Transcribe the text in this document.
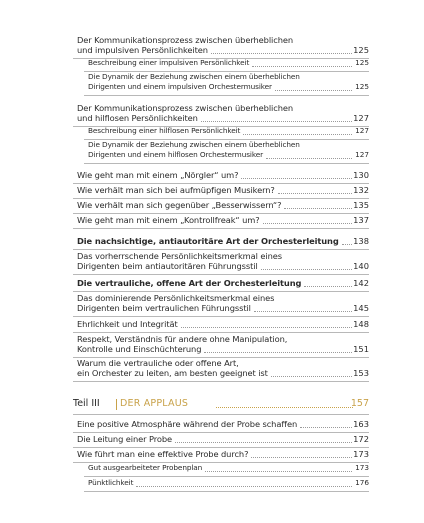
Der Kommunikationsprozess zwischen überheblichen
und impulsiven Persönlichkeiten	125
Beschreibung einer impulsiven Persönlichkeit	125
Die Dynamik der Beziehung zwischen einem überheblichen
Dirigenten und einem impulsiven Orchestermusiker	125
Der Kommunikationsprozess zwischen überheblichen
und hilflosen Persönlichkeiten	127
Beschreibung einer hilflosen Persönlichkeit	127
Die Dynamik der Beziehung zwischen einem überheblichen
Dirigenten und einem hilflosen Orchestermusiker	127
Wie geht man mit einem „Nörgler“ um?	130
Wie verhält man sich bei aufmüpfigen Musikern?	132
Wie verhält man sich gegenüber „Besserwissern“?	135
Wie geht man mit einem „Kontrollfreak“ um?	137
Die nachsichtige, antiautoritäre Art der Orchesterleitung 138
Das vorherrschende Persönlichkeitsmerkmal eines
Dirigenten beim antiautoritären Führungsstil	140
Die vertrauliche, offene Art der Orchesterleitung	142
Das dominierende Persönlichkeitsmerkmal eines
Dirigenten beim vertraulichen Führungsstil	145
Ehrlichkeit und Integrität	148
Respekt, Verständnis für andere ohne Manipulation,
Kontrolle und Einschüchterung	151
Warum die vertrauliche oder offene Art,
ein Orchester zu leiten, am besten geeignet ist	153
Teil III DER APPLAUS	157
Eine positive Atmosphäre während der Probe schaffen	163
Die Leitung einer Probe	172
Wie führt man eine effektive Probe durch?	173
Gut ausgearbeiteter Probenplan	173
Pünktlichkeit	176
